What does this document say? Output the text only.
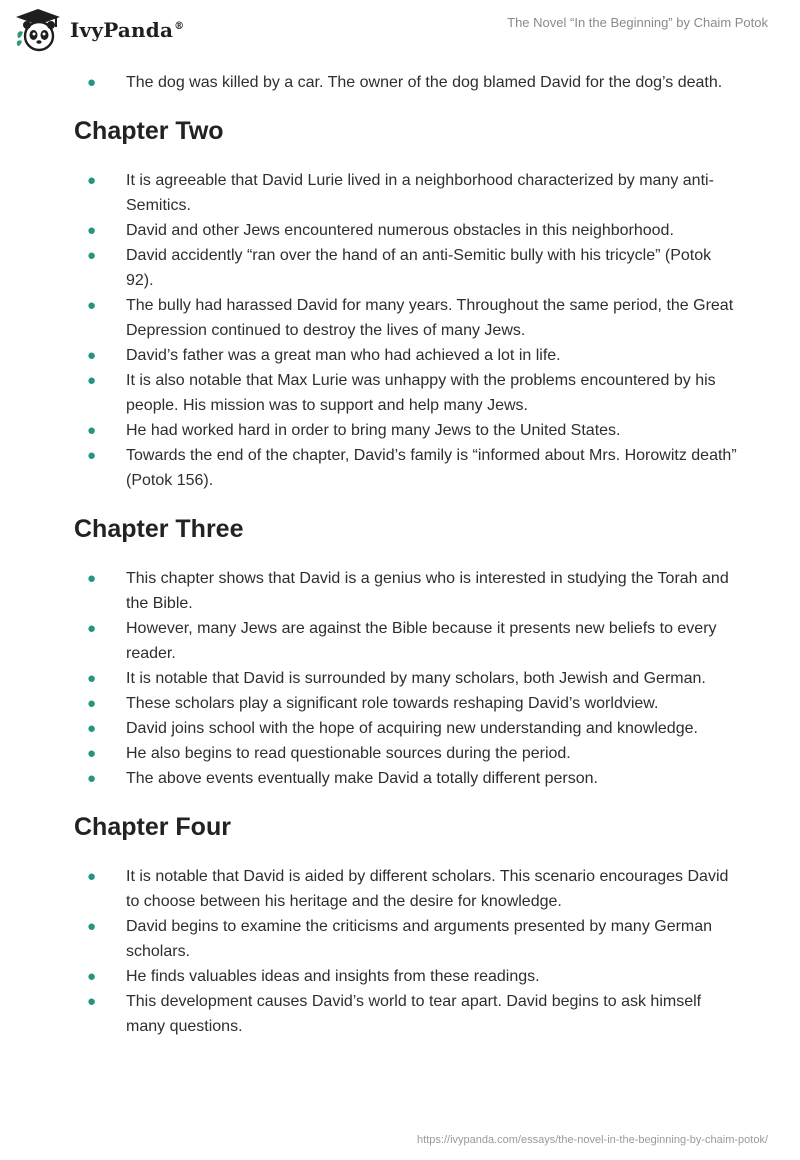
IvyPanda®	The Novel “In the Beginning” by Chaim Potok
● The dog was killed by a car. The owner of the dog blamed David for the dog’s death.
Chapter Two
● It is agreeable that David Lurie lived in a neighborhood characterized by many anti-Semitics.
● David and other Jews encountered numerous obstacles in this neighborhood.
● David accidently “ran over the hand of an anti-Semitic bully with his tricycle” (Potok 92).
● The bully had harassed David for many years. Throughout the same period, the Great Depression continued to destroy the lives of many Jews.
● David’s father was a great man who had achieved a lot in life.
● It is also notable that Max Lurie was unhappy with the problems encountered by his people. His mission was to support and help many Jews.
● He had worked hard in order to bring many Jews to the United States.
● Towards the end of the chapter, David’s family is “informed about Mrs. Horowitz death” (Potok 156).
Chapter Three
● This chapter shows that David is a genius who is interested in studying the Torah and the Bible.
● However, many Jews are against the Bible because it presents new beliefs to every reader.
● It is notable that David is surrounded by many scholars, both Jewish and German.
● These scholars play a significant role towards reshaping David’s worldview.
● David joins school with the hope of acquiring new understanding and knowledge.
● He also begins to read questionable sources during the period.
● The above events eventually make David a totally different person.
Chapter Four
● It is notable that David is aided by different scholars. This scenario encourages David to choose between his heritage and the desire for knowledge.
● David begins to examine the criticisms and arguments presented by many German scholars.
● He finds valuables ideas and insights from these readings.
● This development causes David’s world to tear apart. David begins to ask himself many questions.
https://ivypanda.com/essays/the-novel-in-the-beginning-by-chaim-potok/
